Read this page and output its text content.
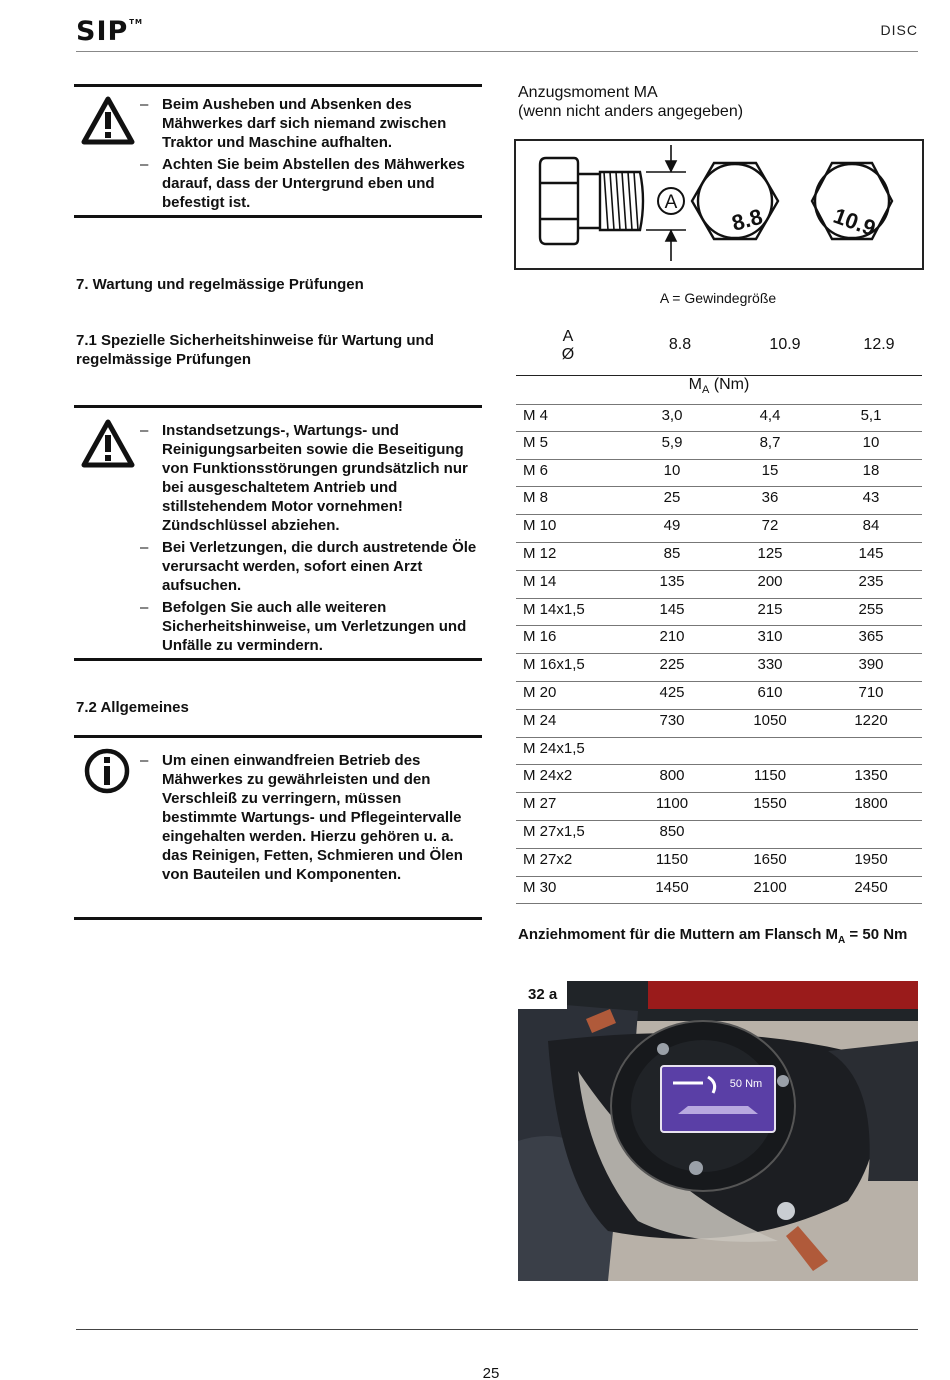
SIP™	DISC
– Beim Ausheben und Absenken des Mähwerkes darf sich niemand zwischen Traktor und Maschine aufhalten.
– Achten Sie beim Abstellen des Mähwerkes darauf, dass der Untergrund eben und befestigt ist.
7. Wartung und regelmässige Prüfungen
7.1 Spezielle Sicherheitshinweise für Wartung und regelmässige Prüfungen
– Instandsetzungs-, Wartungs- und Reinigungsarbeiten sowie die Beseitigung von Funktionsstörungen grundsätzlich nur bei ausgeschaltetem Antrieb und stillstehendem Motor vornehmen! Zündschlüssel abziehen.
– Bei Verletzungen, die durch austretende Öle verursacht werden, sofort einen Arzt aufsuchen.
– Befolgen Sie auch alle weiteren Sicherheitshinweise, um Verletzungen und Unfälle zu vermindern.
7.2 Allgemeines
– Um einen einwandfreien Betrieb des Mähwerkes zu gewährleisten und den Verschleiß zu verringern, müssen bestimmte Wartungs- und Pflegeintervalle eingehalten werden. Hierzu gehören u. a. das Reinigen, Fetten, Schmieren und Ölen von Bauteilen und Komponenten.
Anzugsmoment MA
(wenn nicht anders angegeben)
A
8.8	10.9
A = Gewindegröße
A
Ø
8.8	10.9	12.9
$M_A$ (Nm)
M 4	3,0	4,4	5,1
M 5	5,9	8,7	10
M 6	10	15	18
M 8	25	36	43
M 10	49	72	84
M 12	85	125	145
M 14	135	200	235
M 14x1,5	145	215	255
M 16	210	310	365
M 16x1,5	225	330	390
M 20	425	610	710
M 24	730	1050	1220
M 24x1,5
M 24x2	800	1150	1350
M 27	1100	1550	1800
M 27x1,5	850
M 27x2	1150	1650	1950
M 30	1450	2100	2450
Anziehmoment für die Muttern am Flansch $M_A = 50$ Nm
50 Nm
32 a
25
